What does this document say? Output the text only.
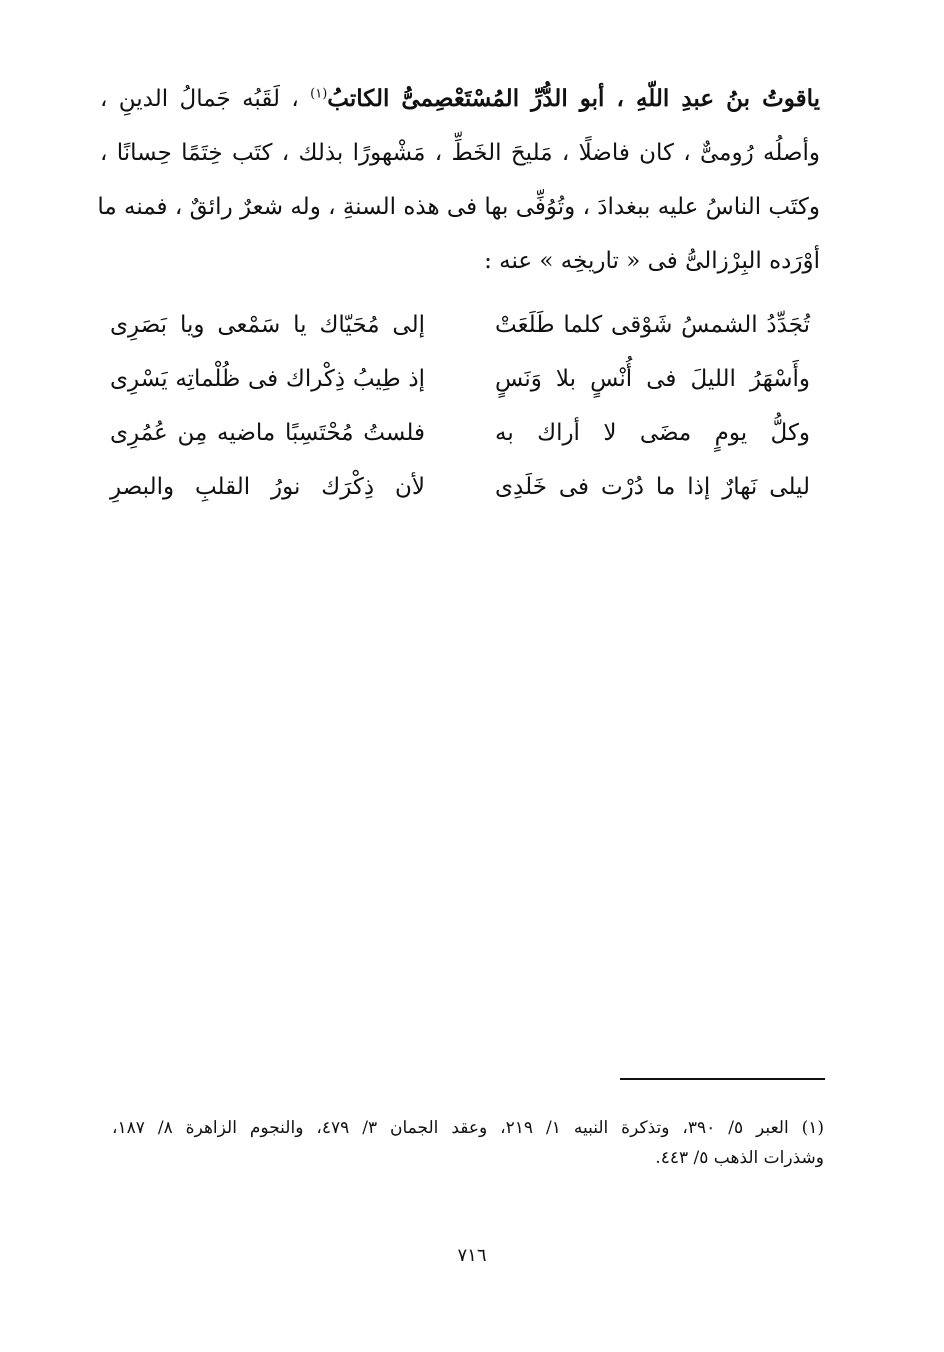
ياقوتُ بنُ عبدِ اللّهِ ، أبو الدُّرِّ المُسْتَعْصِمىُّ الكاتبُ$^{(١)}$ ، لَقَبُه جَمالُ الدينِ ،
وأصلُه رُومىٌّ ، كان فاضلًا ، مَليحَ الخَطِّ ، مَشْهورًا بذلك ، كتَب خِتَمًا حِسانًا ،
وكتَب الناسُ عليه ببغدادَ ، وتُوُفِّى بها فى هذه السنةِ ، وله شعرٌ رائقٌ ، فمنه ما
أوْرَده البِرْزالىُّ فى « تاريخِه » عنه :
تُجَدِّدُ الشمسُ شَوْقى كلما طَلَعَتْ
إلى مُحَيّاك يا سَمْعى ويا بَصَرِى
وأَسْهَرُ الليلَ فى أُنْسٍ بلا وَنَسٍ
إذ طِيبُ ذِكْراك فى ظُلْماتِه يَسْرِى
وكلُّ يومٍ مضَى لا أراك به
فلستُ مُحْتَسِبًا ماضيه مِن عُمُرِى
ليلى نَهارٌ إذا ما دُرْت فى خَلَدِى
لأن ذِكْرَك نورُ القلبِ والبصرِ
(١) العبر ٥/ ٣٩٠، وتذكرة النبيه ١/ ٢١٩، وعقد الجمان ٣/ ٤٧٩، والنجوم الزاهرة ٨/ ١٨٧،
وشذرات الذهب ٥/ ٤٤٣.
٧١٦
